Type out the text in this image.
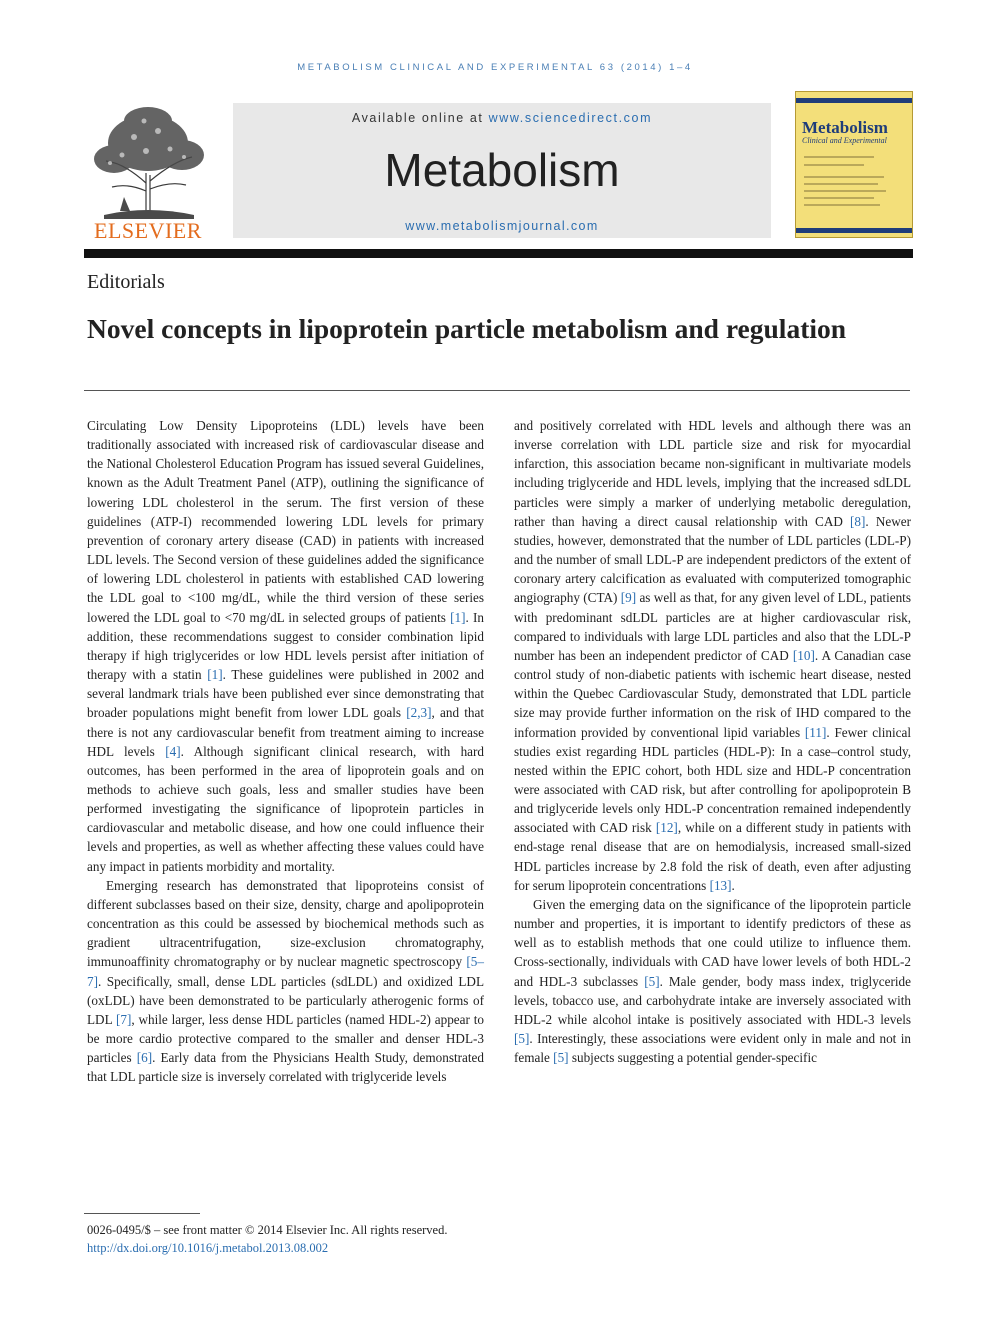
METABOLISM CLINICAL AND EXPERIMENTAL 63 (2014) 1–4
ELSEVIER
Available online at www.sciencedirect.com
Metabolism
www.metabolismjournal.com
Metabolism
Clinical and Experimental
Editorials
Novel concepts in lipoprotein particle metabolism and regulation

Circulating Low Density Lipoproteins (LDL) levels have been traditionally associated with increased risk of cardiovascular disease and the National Cholesterol Education Program has issued several Guidelines, known as the Adult Treatment Panel (ATP), outlining the significance of lowering LDL cholesterol in the serum. The first version of these guidelines (ATP-I) recommended lowering LDL levels for primary prevention of coronary artery disease (CAD) in patients with increased LDL levels. The Second version of these guidelines added the significance of lowering LDL cholesterol in patients with established CAD lowering the LDL goal to <100 mg/dL, while the third version of these series lowered the LDL goal to <70 mg/dL in selected groups of patients [1]. In addition, these recommendations suggest to consider combination lipid therapy if high triglycerides or low HDL levels persist after initiation of therapy with a statin [1]. These guidelines were published in 2002 and several landmark trials have been published ever since demonstrating that broader populations might benefit from lower LDL goals [2,3], and that there is not any cardiovascular benefit from treatment aiming to increase HDL levels [4]. Although significant clinical research, with hard outcomes, has been performed in the area of lipoprotein goals and on methods to achieve such goals, less and smaller studies have been performed investigating the significance of lipoprotein particles in cardiovascular and metabolic disease, and how one could influence their levels and properties, as well as whether affecting these values could have any impact in patients morbidity and mortality.

Emerging research has demonstrated that lipoproteins consist of different subclasses based on their size, density, charge and apolipoprotein concentration as this could be assessed by biochemical methods such as gradient ultracentrifugation, size-exclusion chromatography, immunoaffinity chromatography or by nuclear magnetic spectroscopy [5–7]. Specifically, small, dense LDL particles (sdLDL) and oxidized LDL (oxLDL) have been demonstrated to be particularly atherogenic forms of LDL [7], while larger, less dense HDL particles (named HDL-2) appear to be more cardio protective compared to the smaller and denser HDL-3 particles [6]. Early data from the Physicians Health Study, demonstrated that LDL particle size is inversely correlated with triglyceride levels

and positively correlated with HDL levels and although there was an inverse correlation with LDL particle size and risk for myocardial infarction, this association became non-significant in multivariate models including triglyceride and HDL levels, implying that the increased sdLDL particles were simply a marker of underlying metabolic deregulation, rather than having a direct causal relationship with CAD [8]. Newer studies, however, demonstrated that the number of LDL particles (LDL-P) and the number of small LDL-P are independent predictors of the extent of coronary artery calcification as evaluated with computerized tomographic angiography (CTA) [9] as well as that, for any given level of LDL, patients with predominant sdLDL particles are at higher cardiovascular risk, compared to individuals with large LDL particles and also that the LDL-P number has been an independent predictor of CAD [10]. A Canadian case control study of non-diabetic patients with ischemic heart disease, nested within the Quebec Cardiovascular Study, demonstrated that LDL particle size may provide further information on the risk of IHD compared to the information provided by conventional lipid variables [11]. Fewer clinical studies exist regarding HDL particles (HDL-P): In a case–control study, nested within the EPIC cohort, both HDL size and HDL-P concentration were associated with CAD risk, but after controlling for apolipoprotein B and triglyceride levels only HDL-P concentration remained independently associated with CAD risk [12], while on a different study in patients with end-stage renal disease that are on hemodialysis, increased small-sized HDL particles increase by 2.8 fold the risk of death, even after adjusting for serum lipoprotein concentrations [13].

Given the emerging data on the significance of the lipoprotein particle number and properties, it is important to identify predictors of these as well as to establish methods that one could utilize to influence them. Cross-sectionally, individuals with CAD have lower levels of both HDL-2 and HDL-3 subclasses [5]. Male gender, body mass index, triglyceride levels, tobacco use, and carbohydrate intake are inversely associated with HDL-2 while alcohol intake is positively associated with HDL-3 levels [5]. Interestingly, these associations were evident only in male and not in female [5] subjects suggesting a potential gender-specific

0026-0495/$ – see front matter © 2014 Elsevier Inc. All rights reserved.
http://dx.doi.org/10.1016/j.metabol.2013.08.002
